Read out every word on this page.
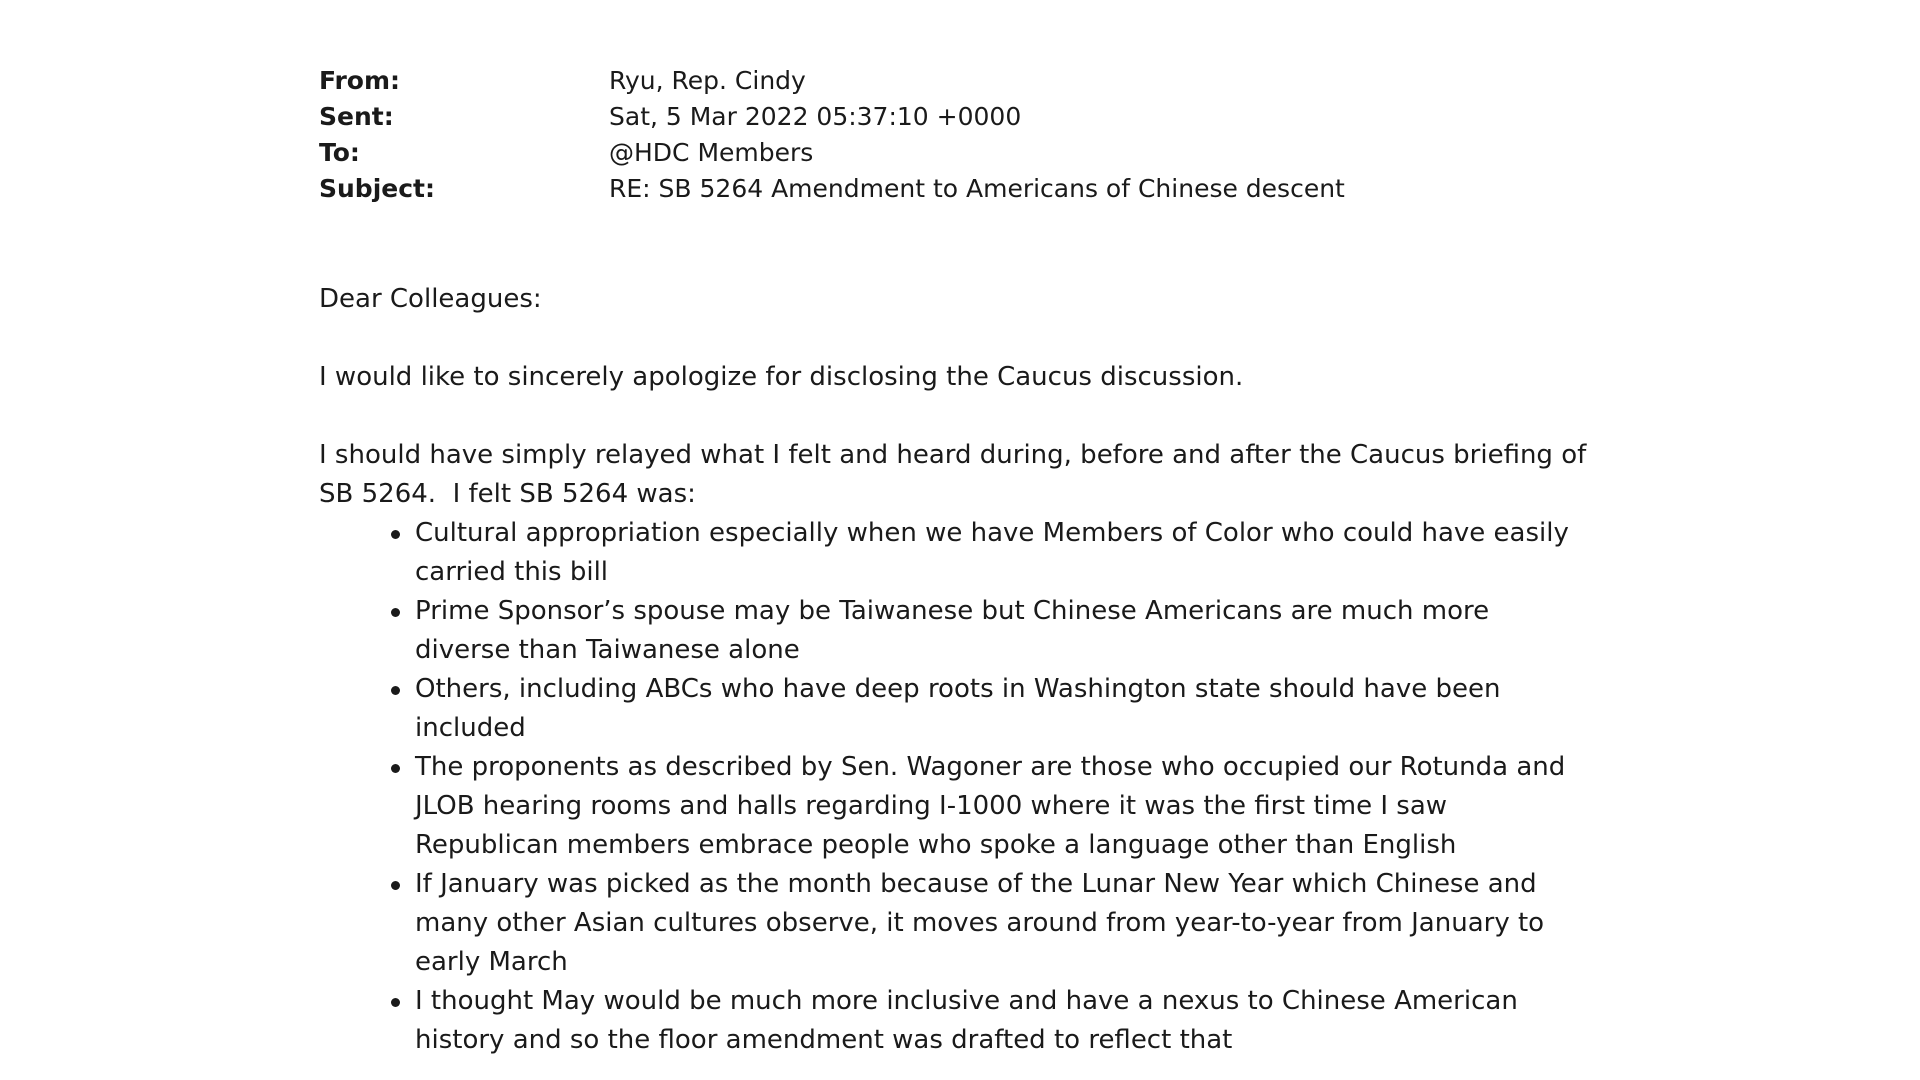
From:	Ryu, Rep. Cindy
Sent:	Sat, 5 Mar 2022 05:37:10 +0000
To:	@HDC Members
Subject:	RE: SB 5264 Amendment to Americans of Chinese descent

Dear Colleagues:

I would like to sincerely apologize for disclosing the Caucus discussion.

I should have simply relayed what I felt and heard during, before and after the Caucus briefing of SB 5264.  I felt SB 5264 was:

Cultural appropriation especially when we have Members of Color who could have easily carried this bill
Prime Sponsor’s spouse may be Taiwanese but Chinese Americans are much more diverse than Taiwanese alone
Others, including ABCs who have deep roots in Washington state should have been included
The proponents as described by Sen. Wagoner are those who occupied our Rotunda and JLOB hearing rooms and halls regarding I-1000 where it was the first time I saw Republican members embrace people who spoke a language other than English
If January was picked as the month because of the Lunar New Year which Chinese and many other Asian cultures observe, it moves around from year-to-year from January to early March
I thought May would be much more inclusive and have a nexus to Chinese American history and so the floor amendment was drafted to reflect that
